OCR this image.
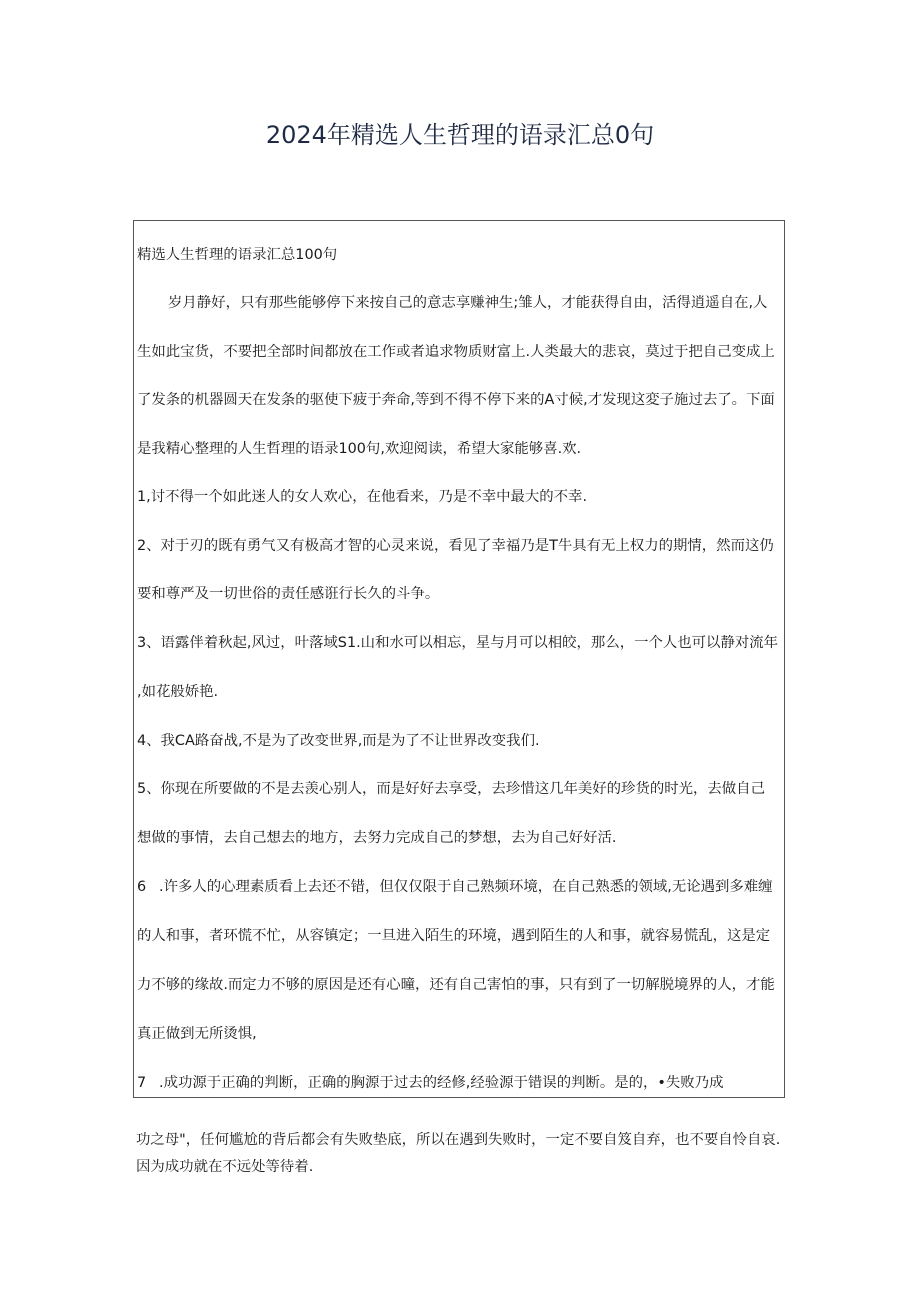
2024年精选人生哲理的语录汇总0句
精选人生哲理的语录汇总100句
岁月静好，只有那些能够停下来按自己的意志享赚神生;雏人，才能获得自由，活得逍遥自在,人
生如此宝货，不要把全部时间都放在工作或者追求物质财富上.人类最大的悲哀，莫过于把自己变成上
了发条的机器圆天在发条的驱使下疲于奔命,等到不得不停下来的A寸候,才发现这変子施过去了。下面
是我精心整理的人生哲理的语录100句,欢迎阅读，希望大家能够喜.欢.
1,讨不得一个如此迷人的女人欢心，在他看来，乃是不幸中最大的不幸.
2、对于刃的既有勇气又有极高才智的心灵来说，看见了幸福乃是T牛具有无上权力的期情，然而这仍
要和尊严及一切世俗的责任感诳行长久的斗争。
3、语露伴着秋起,风过，叶落域S1.山和水可以相忘，星与月可以相皎，那么，一个人也可以静对流年
,如花般娇艳.
4、我CA路奋战,不是为了改变世界,而是为了不让世界改变我们.
5、你现在所要做的不是去羡心别人，而是好好去享受，去珍惜这几年美好的珍货的时光，去做自己
想做的事情，去自己想去的地方，去努力完成自己的梦想，去为自己好好活.
6 .许多人的心理素质看上去还不错，但仅仅限于自己熟频环境，在自己熟悉的领域,无论遇到多难缠
的人和事，者环慌不忙，从容镇定；一旦进入陌生的环境，遇到陌生的人和事，就容易慌乱，这是定
力不够的缘故.而定力不够的原因是还有心曈，还有自己害怕的事，只有到了一切解脱境界的人，才能
真正做到无所烫惧,
7 .成功源于正确的判断，正确的胸源于过去的经修,经验源于错误的判断。是的，•失败乃成
功之母"，任何尴尬的背后都会有失败垫底，所以在遇到失败时，一定不要自笈自弃，也不要自怜自哀.
因为成功就在不远处等待着.
